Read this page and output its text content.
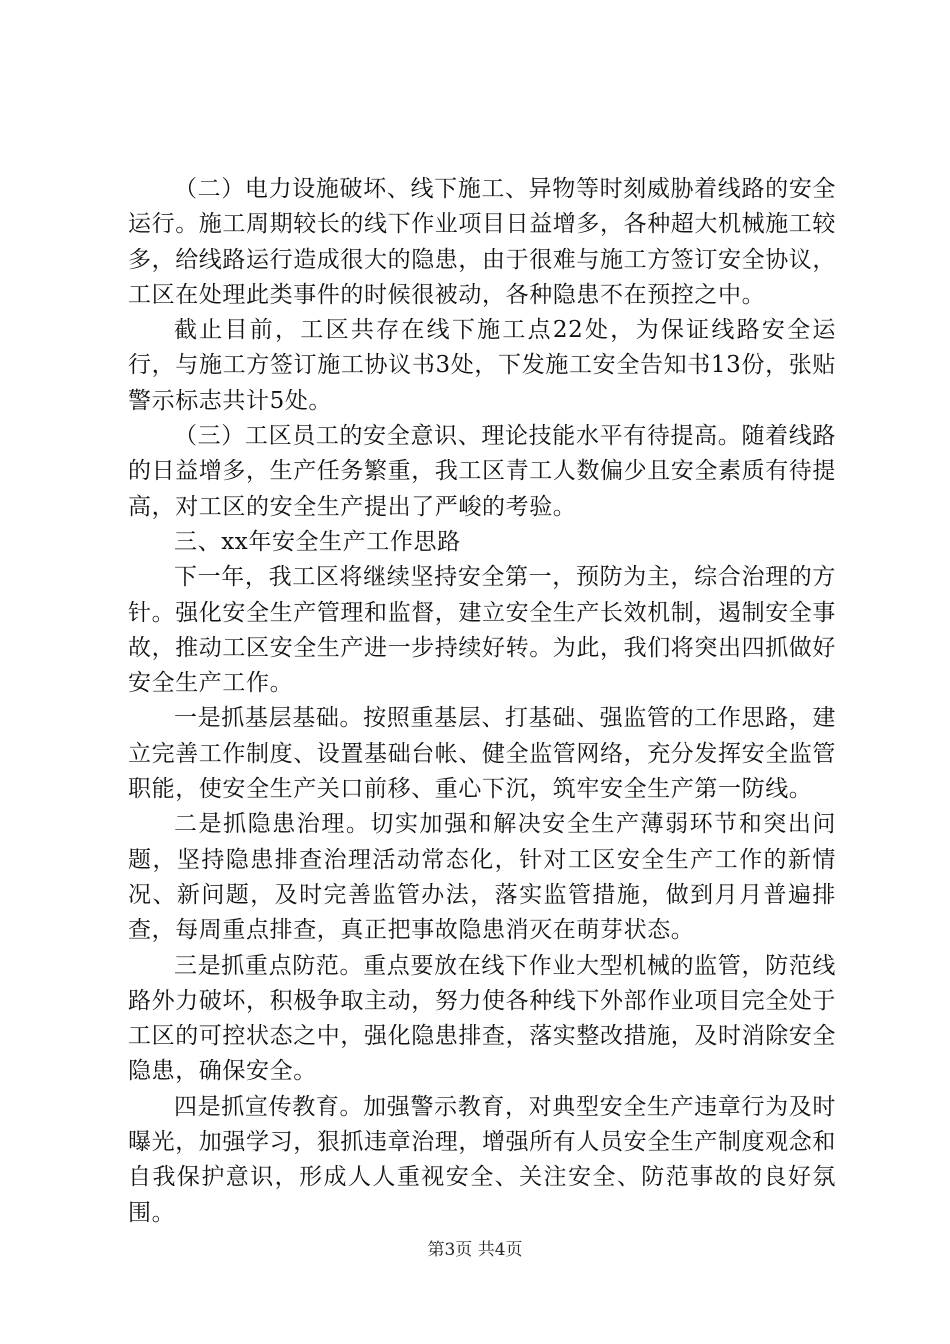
（二）电力设施破坏、线下施工、异物等时刻威胁着线路的安全运行。施工周期较长的线下作业项目日益增多，各种超大机械施工较多，给线路运行造成很大的隐患，由于很难与施工方签订安全协议，工区在处理此类事件的时候很被动，各种隐患不在预控之中。

截止目前，工区共存在线下施工点22处，为保证线路安全运行，与施工方签订施工协议书3处，下发施工安全告知书13份，张贴警示标志共计5处。

（三）工区员工的安全意识、理论技能水平有待提高。随着线路的日益增多，生产任务繁重，我工区青工人数偏少且安全素质有待提高，对工区的安全生产提出了严峻的考验。

三、xx年安全生产工作思路

下一年，我工区将继续坚持安全第一，预防为主，综合治理的方针。强化安全生产管理和监督，建立安全生产长效机制，遏制安全事故，推动工区安全生产进一步持续好转。为此，我们将突出四抓做好安全生产工作。

一是抓基层基础。按照重基层、打基础、强监管的工作思路，建立完善工作制度、设置基础台帐、健全监管网络，充分发挥安全监管职能，使安全生产关口前移、重心下沉，筑牢安全生产第一防线。

二是抓隐患治理。切实加强和解决安全生产薄弱环节和突出问题，坚持隐患排查治理活动常态化，针对工区安全生产工作的新情况、新问题，及时完善监管办法，落实监管措施，做到月月普遍排查，每周重点排查，真正把事故隐患消灭在萌芽状态。

三是抓重点防范。重点要放在线下作业大型机械的监管，防范线路外力破坏，积极争取主动，努力使各种线下外部作业项目完全处于工区的可控状态之中，强化隐患排查，落实整改措施，及时消除安全隐患，确保安全。

四是抓宣传教育。加强警示教育，对典型安全生产违章行为及时曝光，加强学习，狠抓违章治理，增强所有人员安全生产制度观念和自我保护意识，形成人人重视安全、关注安全、防范事故的良好氛围。

第3页 共4页
